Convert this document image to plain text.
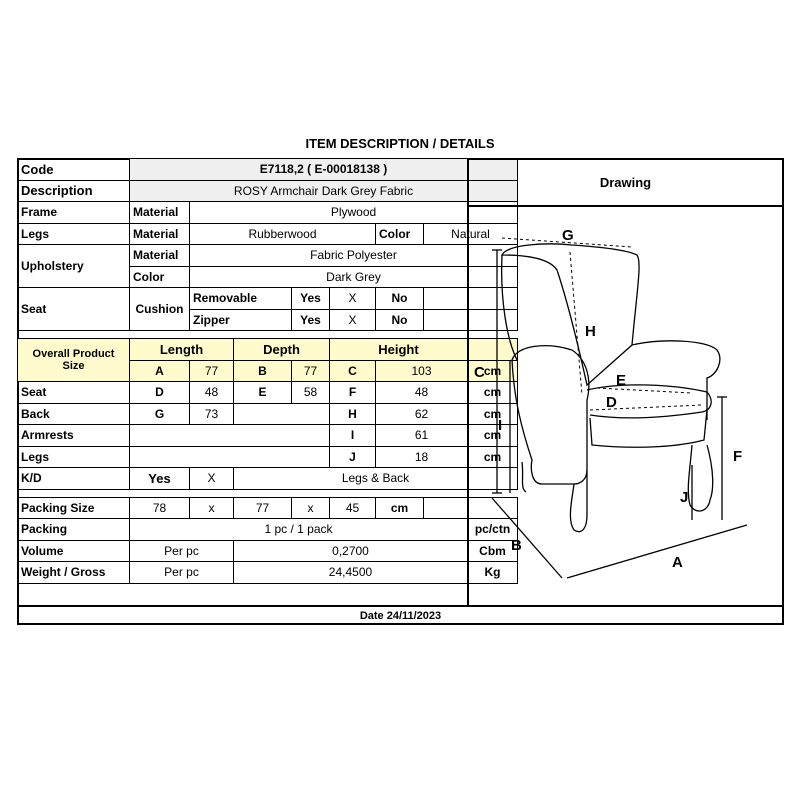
ITEM DESCRIPTION / DETAILS
Code	E7118,2 ( E-00018138 )							
Description	ROSY Armchair Dark Grey Fabric							
Frame	Material	Plywood						
Legs	Material	Rubberwood				Color	Natural	
Upholstery	Material	Fabric Polyester						
	Color	Dark Grey						
Seat	Cushion	Removable		Yes	X	No		
		Zipper		Yes	X	No		

Overall Product Size	Length		Depth		Height			
	A	77	B	77	C	103		cm
Seat	D	48	E	58	F	48		cm
Back	G	73			H	62		cm
Armrests					I	61		cm
Legs					J	18		cm
K/D	Yes	X	Legs & Back					

Packing Size	78	x	77	x	45	cm		
Packing	1 pc / 1 pack							pc/ctn
Volume	Per pc		0,2700					Cbm
Weight / Gross	Per pc		24,4500					Kg
Drawing
G
H
C	E
D
I
F
J
B
A
Date 24/11/2023
